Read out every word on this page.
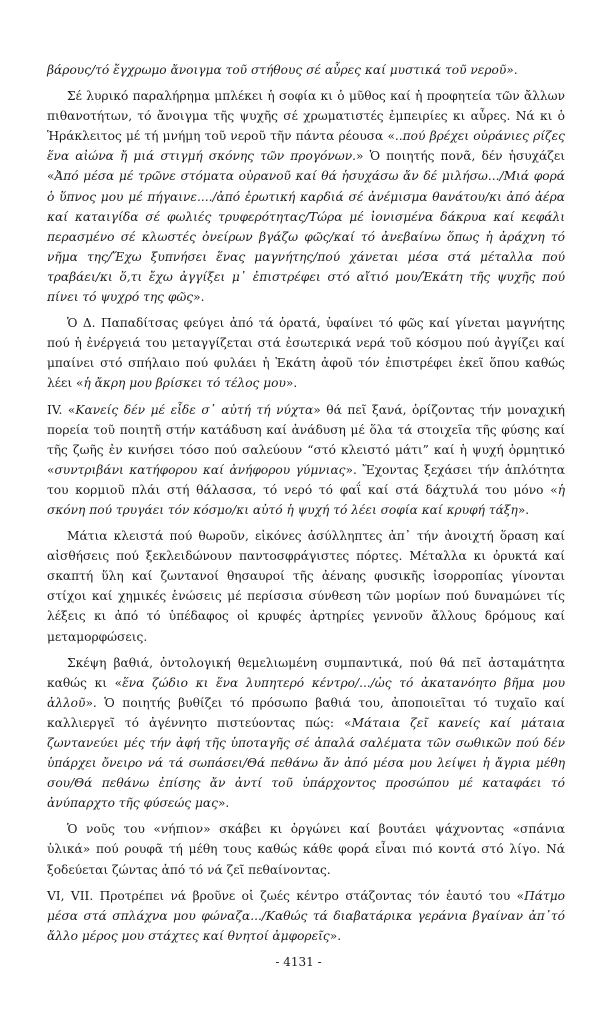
βάρους/τό ἔγχρωμο ἄνοιγμα τοῦ στήθους σέ αὖρες καί μυστικά τοῦ νεροῦ».

Σέ λυρικό παραλήρημα μπλέκει ἡ σοφία κι ὁ μῦθος καί ἡ προφητεία τῶν ἄλλων πιθανοτήτων, τό ἄνοιγμα τῆς ψυχῆς σέ χρωματιστές ἐμπειρίες κι αὖρες. Νά κι ὁ Ἡράκλειτος μέ τή μνήμη τοῦ νεροῦ τῆν πάντα ρέουσα «..πού βρέχει οὐράνιες ρίζες ἕνα αἰώνα ἤ μιά στιγμή σκόνης τῶν προγόνων.» Ὁ ποιητής πονᾶ, δέν ἡσυχάζει «Ἀπό μέσα μέ τρῶνε στόματα οὐρανοῦ καί θά ἡσυχάσω ἄν δέ μιλήσω.../Μιά φορά ὁ ὕπνος μου μέ πήγαινε..../ἀπό ἐρωτική καρδιά σέ ἀνέμισμα θανάτου/κι ἀπό ἀέρα καί καταιγίδα σέ φωλιές τρυφερότητας/Τώρα μέ ἰονισμένα δάκρυα καί κεφάλι περασμένο σέ κλωστές ὀνείρων βγάζω φῶς/καί τό ἀνεβαίνω ὅπως ἡ ἀράχνη τό νῆμα της/Ἔχω ξυπνήσει ἕνας μαγνήτης/πού χάνεται μέσα στά μέταλλα πού τραβάει/κι ὅ,τι ἔχω ἀγγίξει μ᾽ ἐπιστρέφει στό αἴτιό μου/Ἑκάτη τῆς ψυχῆς πού πίνει τό ψυχρό της φῶς».

Ὁ Δ. Παπαδίτσας φεύγει ἀπό τά ὁρατά, ὑφαίνει τό φῶς καί γίνεται μαγνήτης πού ἡ ἐνέργειά του μεταγγίζεται στά ἐσωτερικά νερά τοῦ κόσμου πού ἀγγίζει καί μπαίνει στό σπήλαιο πού φυλάει ἡ Ἑκάτη ἀφοῦ τόν ἐπιστρέφει ἐκεῖ ὅπου καθώς λέει «ἡ ἄκρη μου βρίσκει τό τέλος μου».

IV. «Κανείς δέν μέ εἶδε σ᾽ αὐτή τή νύχτα» θά πεῖ ξανά, ὁρίζοντας τήν μοναχική πορεία τοῦ ποιητῆ στήν κατάδυση καί ἀνάδυση μέ ὅλα τά στοιχεῖα τῆς φύσης καί τῆς ζωῆς ἐν κινήσει τόσο πού σαλεύουν “στό κλειστό μάτι” καί ἡ ψυχή ὁρμητικό «συντριβάνι κατήφορου καί ἀνήφορου γύμνιας». Ἔχοντας ξεχάσει τήν ἁπλότητα του κορμιοῦ πλάι στή θάλασσα, τό νερό τό φαΐ καί στά δάχτυλά του μόνο «ἡ σκόνη πού τρυγάει τόν κόσμο/κι αὐτό ἡ ψυχή τό λέει σοφία καί κρυφή τάξη».

Μάτια κλειστά πού θωροῦν, εἰκόνες ἀσύλληπτες ἀπ᾽ τήν ἀνοιχτή ὅραση καί αἰσθήσεις πού ξεκλειδώνουν παντοσφράγιστες πόρτες. Μέταλλα κι ὀρυκτά καί σκαπτή ὕλη καί ζωντανοί θησαυροί τῆς ἀέναης φυσικῆς ἰσορροπίας γίνονται στίχοι καί χημικές ἑνώσεις μέ περίσσια σύνθεση τῶν μορίων πού δυναμώνει τίς λέξεις κι ἀπό τό ὑπέδαφος οἱ κρυφές ἀρτηρίες γεννοῦν ἄλλους δρόμους καί μεταμορφώσεις.

Σκέψη βαθιά, ὀντολογική θεμελιωμένη συμπαντικά, πού θά πεῖ ἀσταμάτητα καθώς κι «ἕνα ζώδιο κι ἕνα λυπητερό κέντρο/.../ὡς τό ἀκατανόητο βῆμα μου ἀλλοῦ». Ὁ ποιητής βυθίζει τό πρόσωπο βαθιά του, ἀποποιεῖται τό τυχαῖο καί καλλιεργεῖ τό ἀγέννητο πιστεύοντας πώς: «Μάταια ζεῖ κανείς καί μάταια ζωντανεύει μές τήν ἀφή τῆς ὑποταγῆς σέ ἀπαλά σαλέματα τῶν σωθικῶν πού δέν ὑπάρχει ὄνειρο νά τά σωπάσει/Θά πεθάνω ἄν ἀπό μέσα μου λείψει ἡ ἄγρια μέθη σου/Θά πεθάνω ἐπίσης ἄν ἀντί τοῦ ὑπάρχοντος προσώπου μέ καταφάει τό ἀνύπαρχτο τῆς φύσεώς μας».

Ὁ νοῦς του «νήπιον» σκάβει κι ὀργώνει καί βουτάει ψάχνοντας «σπάνια ὑλικά» πού ρουφᾶ τή μέθη τους καθώς κάθε φορά εἶναι πιό κοντά στό λίγο. Νά ξοδεύεται ζώντας ἀπό τό νά ζεῖ πεθαίνοντας.

VI, VII. Προτρέπει νά βροῦνε οἱ ζωές κέντρο στάζοντας τόν ἑαυτό του «Πάτμο μέσα στά σπλάχνα μου φώναζα.../Καθώς τά διαβατάρικα γεράνια βγαίναν ἀπ᾽τό ἄλλο μέρος μου στάχτες καί θνητοί ἀμφορεῖς».

- 4131 -
